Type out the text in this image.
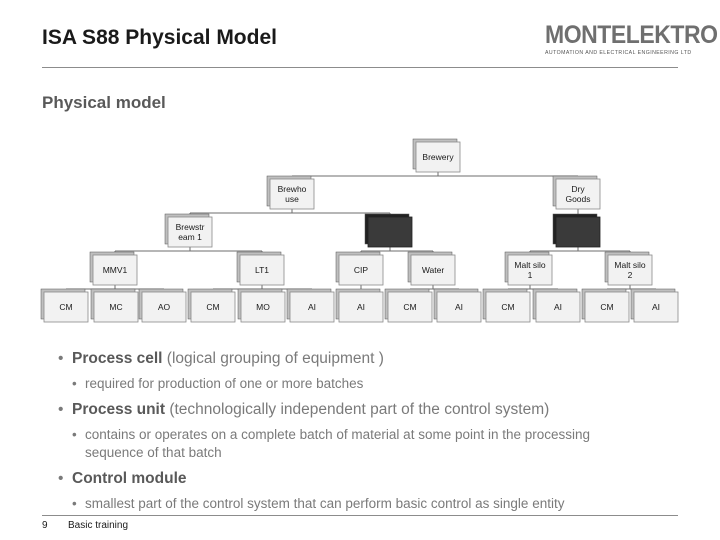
ISA S88 Physical Model	MONTELEKTRO
AUTOMATION AND ELECTRICAL ENGINEERING LTD
Physical model
Brewery
Brewho use
Dry Goods
Brewstr eam 1
MMV1	LT1	CIP	Water	Malt silo 1
Malt silo 2
CM	MC	AO	CM	MO	AI	AI	CM	AI	CM	AI	CM	AI
• Process cell (logical grouping of equipment )
• required for production of one or more batches
• Process unit (technologically independent part of the control system)
• contains or operates on a complete batch of material at some point in the processing sequence of that batch
• Control module
• smallest part of the control system that can perform basic control as single entity
9 Basic training
